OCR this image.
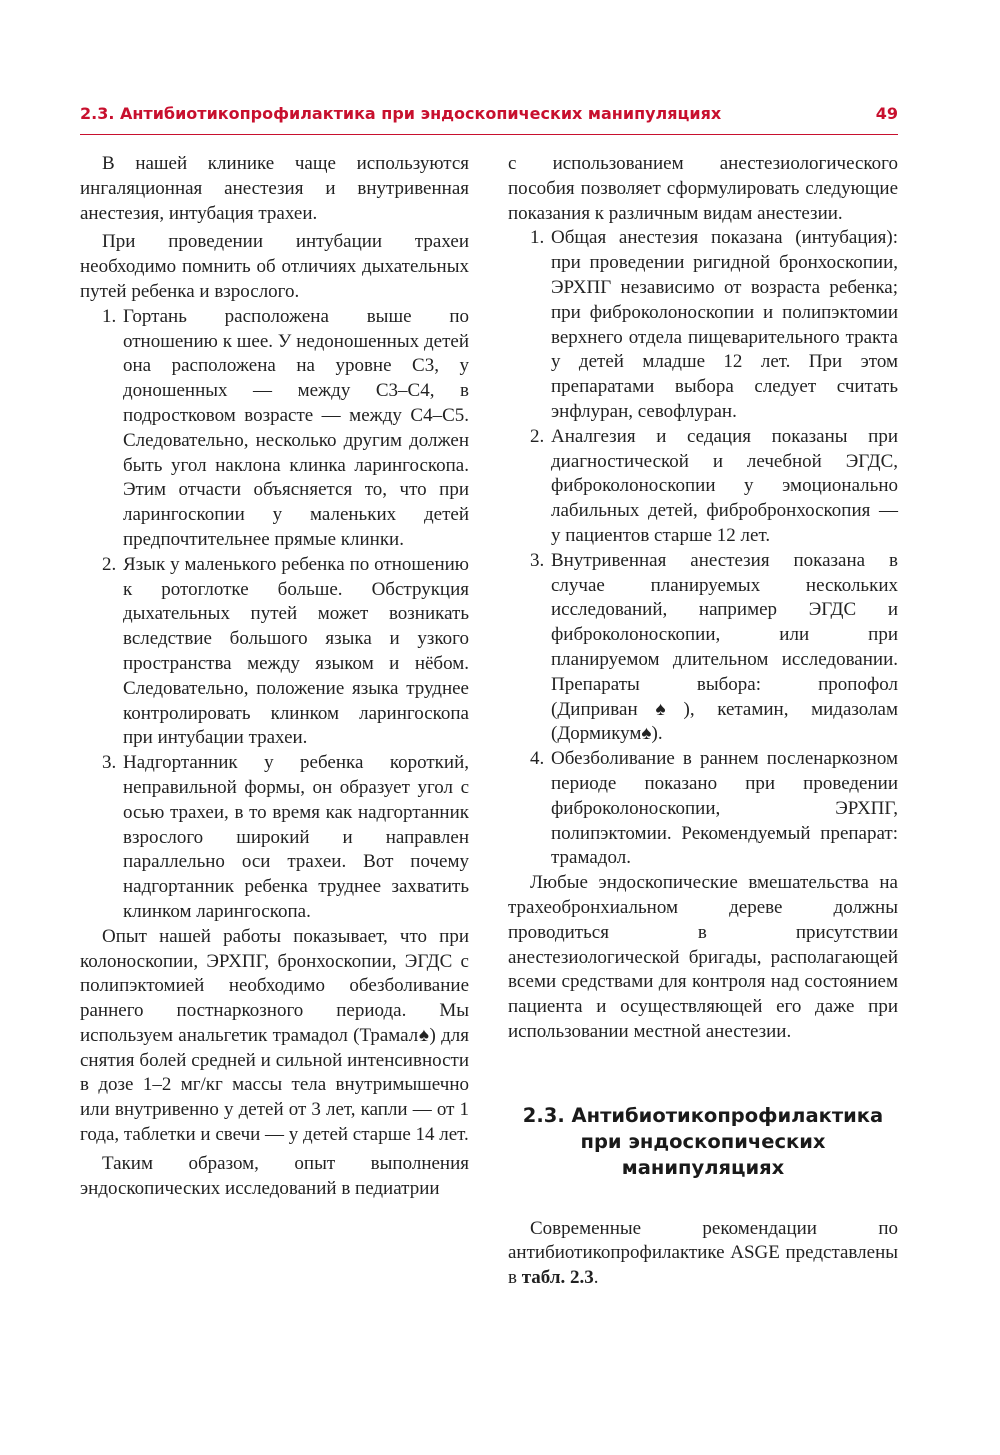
2.3. Антибиотикопрофилактика при эндоскопических манипуляциях	49

В нашей клинике чаще используются ингаляционная анестезия и внутривенная анестезия, интубация трахеи.

При проведении интубации трахеи необходимо помнить об отличиях дыхательных путей ребенка и взрослого.

1. Гортань расположена выше по отношению к шее. У недоношенных детей она расположена на уровне C3, у доношенных — между C3–C4, в подростковом возрасте — между C4–C5. Следовательно, несколько другим должен быть угол наклона клинка ларингоскопа. Этим отчасти объясняется то, что при ларингоскопии у маленьких детей предпочтительнее прямые клинки.
2. Язык у маленького ребенка по отношению к ротоглотке больше. Обструкция дыхательных путей может возникать вследствие большого языка и узкого пространства между языком и нёбом. Следовательно, положение языка труднее контролировать клинком ларингоскопа при интубации трахеи.
3. Надгортанник у ребенка короткий, неправильной формы, он образует угол с осью трахеи, в то время как надгортанник взрослого широкий и направлен параллельно оси трахеи. Вот почему надгортанник ребенка труднее захватить клинком ларингоскопа.

Опыт нашей работы показывает, что при колоноскопии, ЭРХПГ, бронхоскопии, ЭГДС с полипэктомией необходимо обезболивание раннего постнаркозного периода. Мы используем анальгетик трамадол (Трамал♠) для снятия болей средней и сильной интенсивности в дозе 1–2 мг/кг массы тела внутримышечно или внутривенно у детей от 3 лет, капли — от 1 года, таблетки и свечи — у детей старше 14 лет.

Таким образом, опыт выполнения эндоскопических исследований в педиатрии

с использованием анестезиологического пособия позволяет сформулировать следующие показания к различным видам анестезии.

1. Общая анестезия показана (интубация): при проведении ригидной бронхоскопии, ЭРХПГ независимо от возраста ребенка; при фиброколоноскопии и полипэктомии верхнего отдела пищеварительного тракта у детей младше 12 лет. При этом препаратами выбора следует считать энфлуран, севофлуран.
2. Аналгезия и седация показаны при диагностической и лечебной ЭГДС, фиброколоноскопии у эмоционально лабильных детей, фибробронхоскопия — у пациентов старше 12 лет.
3. Внутривенная анестезия показана в случае планируемых нескольких исследований, например ЭГДС и фиброколоноскопии, или при планируемом длительном исследовании. Препараты выбора: пропофол (Диприван♠), кетамин, мидазолам (Дормикум♠).
4. Обезболивание в раннем посленаркозном периоде показано при проведении фиброколоноскопии, ЭРХПГ, полипэктомии. Рекомендуемый препарат: трамадол.

Любые эндоскопические вмешательства на трахеобронхиальном дереве должны проводиться в присутствии анестезиологической бригады, располагающей всеми средствами для контроля над состоянием пациента и осуществляющей его даже при использовании местной анестезии.

2.3. Антибиотикопрофилактика
при эндоскопических
манипуляциях

Современные рекомендации по антибиотикопрофилактике ASGE представлены в табл. 2.3.
